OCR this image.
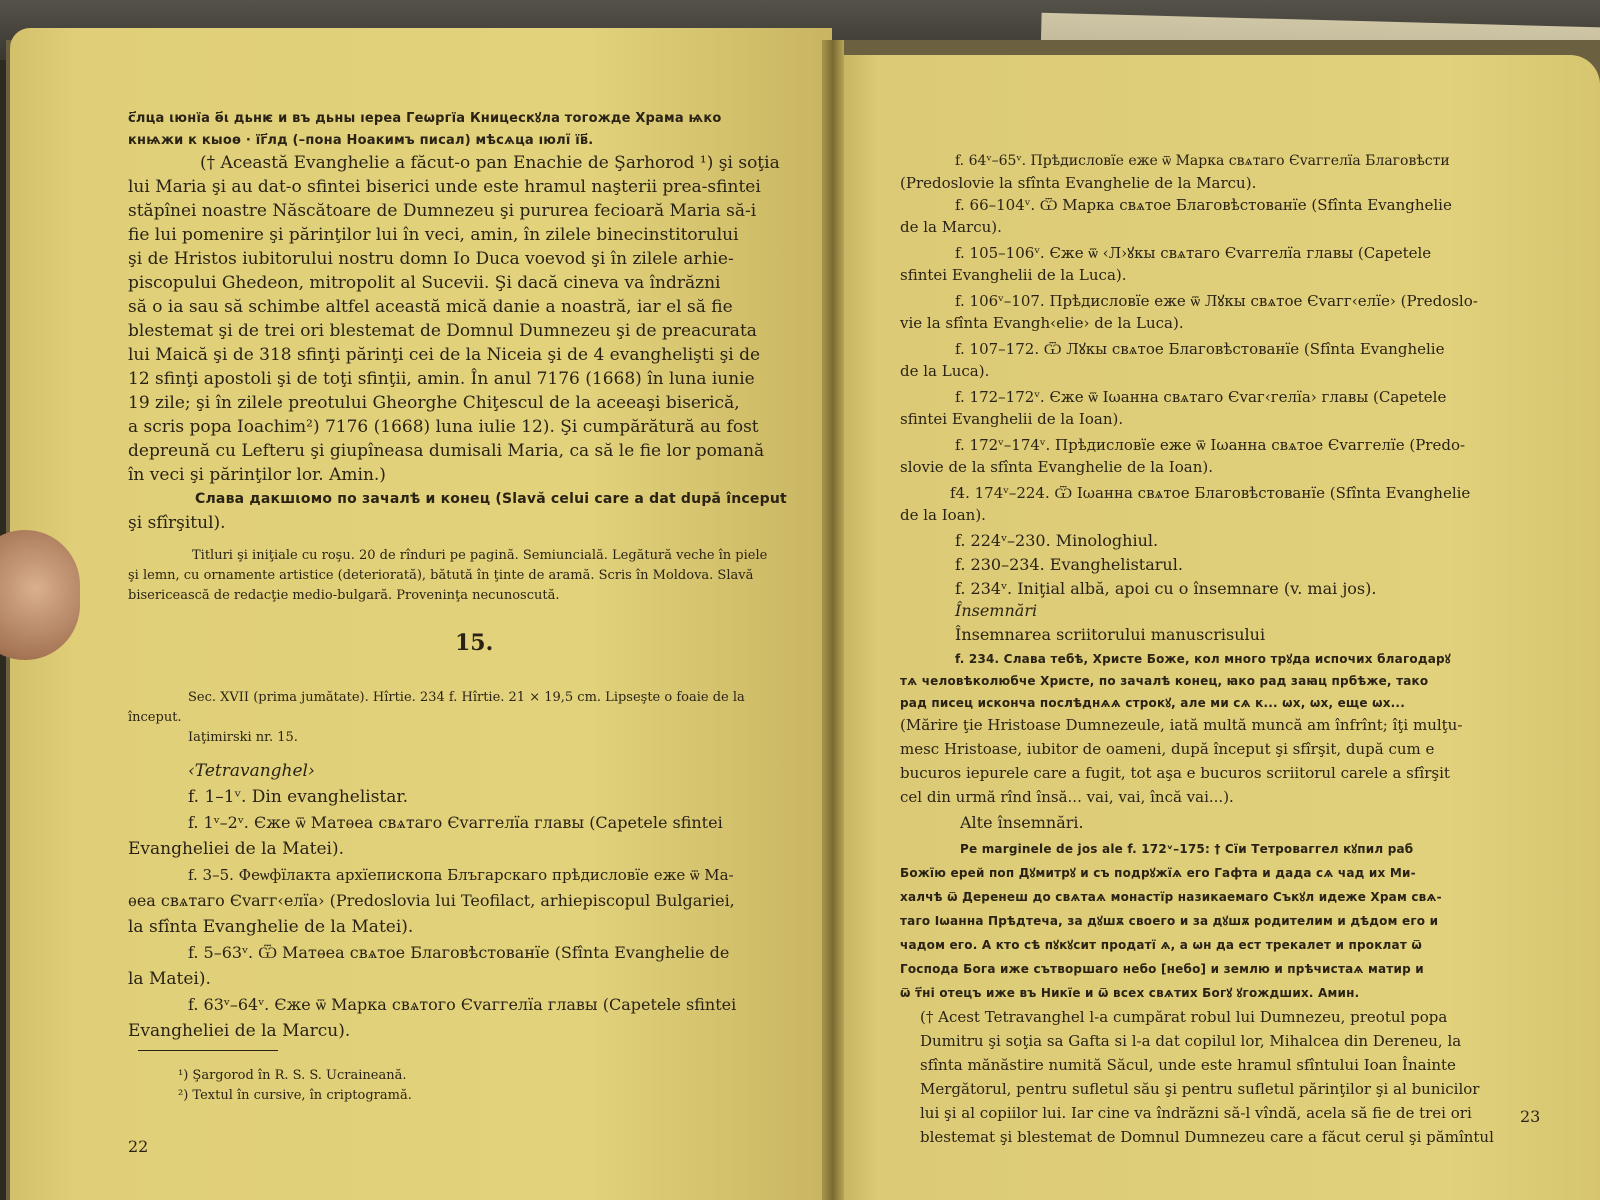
с҃лца ιюнïа ѳ҃ι дьнѥ и въ дьны ıереа Геωргïа Кницескꙋла тогожде Храма ѩко

кнѩжи к кыоѳ · ïг҃лд (–пона Ноакимъ писал) мѣсѧца ıюлї ïв҃.

(† Această Evanghelie a făcut-o pan Enachie de Şarhorod ¹) şi soţia

lui Maria şi au dat-o sfintei biserici unde este hramul naşterii prea-sfintei

stăpînei noastre Născătoare de Dumnezeu şi pururea fecioară Maria să-i

fie lui pomenire şi părinţilor lui în veci, amin, în zilele binecinstitorului

şi de Hristos iubitorului nostru domn Io Duca voevod şi în zilele arhie-

piscopului Ghedeon, mitropolit al Sucevii. Şi dacă cineva va îndrăzni

să o ia sau să schimbe altfel această mică danie a noastră, iar el să fie

blestemat şi de trei ori blestemat de Domnul Dumnezeu şi de preacurata

lui Maică şi de 318 sfinţi părinţi cei de la Niceia şi de 4 evanghelişti şi de

12 sfinţi apostoli şi de toţi sfinţii, amin. În anul 7176 (1668) în luna iunie

19 zile; şi în zilele preotului Gheorghe Chiţescul de la aceeaşi biserică,

a scris popa Ioachim²) 7176 (1668) luna iulie 12). Şi cumpărătură au fost

depreună cu Lefteru şi giupîneasa dumisali Maria, ca să le fie lor pomană

în veci şi părinţilor lor. Amin.)

Слава дакшιомо по зачалѣ и конец (Slavă celui care a dat după început

şi sfîrşitul).

Titluri şi iniţiale cu roşu. 20 de rînduri pe pagină. Semiuncială. Legătură veche în piele

şi lemn, cu ornamente artistice (deteriorată), bătută în ţinte de aramă. Scris în Moldova. Slavă

bisericească de redacţie medio-bulgară. Proveninţa necunoscută.

15.

Sec. XVII (prima jumătate). Hîrtie. 234 f. Hîrtie. 21 × 19,5 cm. Lipseşte o foaie de la

început.

Iaţimirski nr. 15.

‹Tetravanghel›

f. 1–1ᵛ. Din evanghelistar.

f. 1ᵛ–2ᵛ. Єже ѿ Матѳеа свѧтаго Єvаггелïа главы (Capetele sfintei

Evangheliei de la Matei).

f. 3–5. Феѡфïлакта архïепископа Блъгарскаго прѣдисловïе еже ѿ Ма-

ѳеа свѧтаго Єvагг‹елïа› (Predoslovia lui Teofilact, arhiepiscopul Bulgariei,

la sfînta Evanghelie de la Matei).

f. 5–63ᵛ. Ѿ Матѳеа свѧтое Благовѣстованïе (Sfînta Evanghelie de

la Matei).

f. 63ᵛ–64ᵛ. Єже ѿ Марка свѧтого Єvаггелïа главы (Capetele sfintei

Evangheliei de la Marcu).

¹) Şargorod în R. S. S. Ucraineană.

²) Textul în cursive, în criptogramă.

22

f. 64ᵛ–65ᵛ. Прѣдисловïе еже ѿ Марка свѧтаго Єvаггелïа Благовѣсти

(Predoslovie la sfînta Evanghelie de la Marcu).

f. 66–104ᵛ. Ѿ Марка свѧтое Благовѣстованïе (Sfînta Evanghelie

de la Marcu).

f. 105–106ᵛ. Єже ѿ ‹Л›ꙋкы свѧтаго Єvаггелïа главы (Capetele

sfintei Evanghelii de la Luca).

f. 106ᵛ–107. Прѣдисловïе еже ѿ Лꙋкы свѧтое Єvагг‹елïе› (Predoslo-

vie la sfînta Evangh‹elie› de la Luca).

f. 107–172. Ѿ Лꙋкы свѧтое Благовѣстованïе (Sfînta Evanghelie

de la Luca).

f. 172–172ᵛ. Єже ѿ Iωанна свѧтаго Єvаг‹гелïа› главы (Capetele

sfintei Evanghelii de la Ioan).

f. 172ᵛ–174ᵛ. Прѣдисловïе еже ѿ Iωанна свѧтое Єvаггелïе (Predo-

slovie de la sfînta Evanghelie de la Ioan).

f4. 174ᵛ–224. Ѿ Iωанна свѧтое Благовѣстованïе (Sfînta Evanghelie

de la Ioan).

f. 224ᵛ–230. Minologhiul.

f. 230–234. Evanghelistarul.

f. 234ᵛ. Iniţial albă, apoi cu o însemnare (v. mai jos).

Însemnări

Însemnarea scriitorului manuscrisului

f. 234. Слава тебѣ, Христе Боже, кол много трꙋда испочих благодарꙋ

тѧ человѣколюбче Христе, по зачалѣ конец, ꙗко рад заꙗц прбѣже, тако

рад писец исконча послѣднѧѧ строкꙋ, але ми сѧ к... ѡх, ѡх, еще ѡх...

(Mărire ţie Hristoase Dumnezeule, iată multă muncă am înfrînt; îţi mulţu-

mesc Hristoase, iubitor de oameni, după început şi sfîrşit, după cum e

bucuros iepurele care a fugit, tot aşa e bucuros scriitorul carele a sfîrşit

cel din urmă rînd însă... vai, vai, încă vai...).

Alte însemnări.

Pe marginele de jos ale f. 172ᵛ–175: † Сïи Тетроваггел кꙋпил раб

Божïю ерей поп Дꙋмитрꙋ и съ подрꙋжïѧ его Гафта и дада сѧ чад их Ми-

халчѣ ѿ Деренеш до свѧтаѧ монастïр назикаемаго Съкꙋл идеже Храм свѧ-

таго Iωанна Прѣдтеча, за дꙋшѫ своего и за дꙋшѫ родителим и дѣдом его и

чадом его. А кто сѣ пꙋкꙋсит продатï ѧ, а ѡн да ест трекалет и проклат ѿ

Господа Бога иже сътворшаго небо [небо] и землю и прѣчистаѧ матир и

ѿ т҃ні отецъ иже въ Никïе и ѿ всех свѧтих Богꙋ ꙋгождших. Амин.

(† Acest Tetravanghel l-a cumpărat robul lui Dumnezeu, preotul popa

Dumitru şi soţia sa Gafta si l-a dat copilul lor, Mihalcea din Dereneu, la

sfînta mănăstire numită Săcul, unde este hramul sfîntului Ioan Înainte

Mergătorul, pentru sufletul său şi pentru sufletul părinţilor şi al bunicilor

lui şi al copiilor lui. Iar cine va îndrăzni să-l vîndă, acela să fie de trei ori

blestemat şi blestemat de Domnul Dumnezeu care a făcut cerul şi pămîntul

23
